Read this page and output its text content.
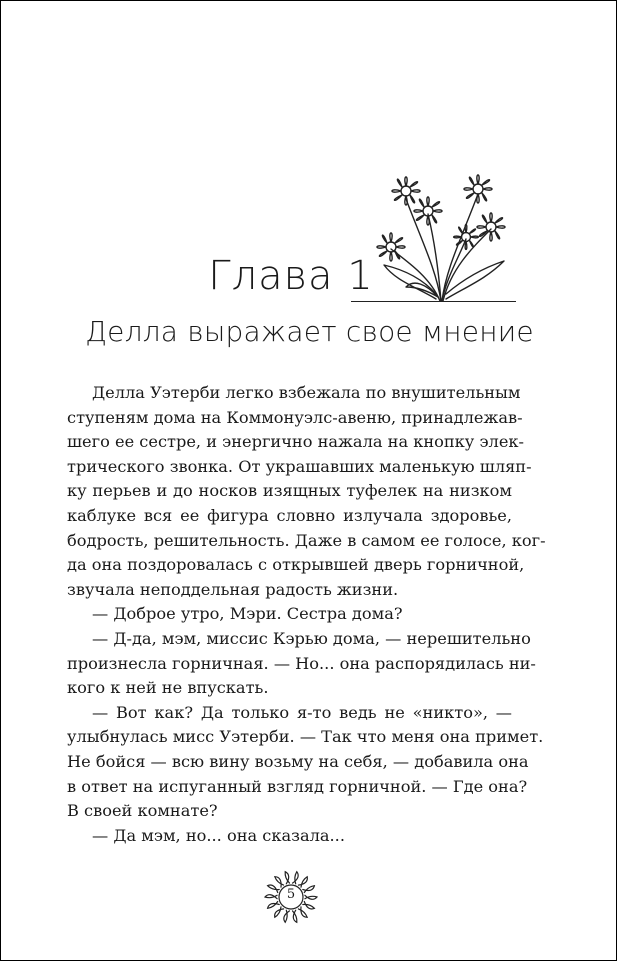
Глава 1
Делла выражает свое мнение
Делла Уэтерби легко взбежала по внушительным
ступеням дома на Коммонуэлс-авеню, принадлежав-
шего ее сестре, и энергично нажала на кнопку элек-
трического звонка. От украшавших маленькую шляп-
ку перьев и до носков изящных туфелек на низком
каблуке вся ее фигура словно излучала здоровье,
бодрость, решительность. Даже в самом ее голосе, ког-
да она поздоровалась с открывшей дверь горничной,
звучала неподдельная радость жизни.
— Доброе утро, Мэри. Сестра дома?
— Д-да, мэм, миссис Кэрью дома, — нерешительно
произнесла горничная. — Но... она распорядилась ни-
кого к ней не впускать.
— Вот как? Да только я-то ведь не «никто», —
улыбнулась мисс Уэтерби. — Так что меня она примет.
Не бойся — всю вину возьму на себя, — добавила она
в ответ на испуганный взгляд горничной. — Где она?
В своей комнате?
— Да мэм, но... она сказала...
5
